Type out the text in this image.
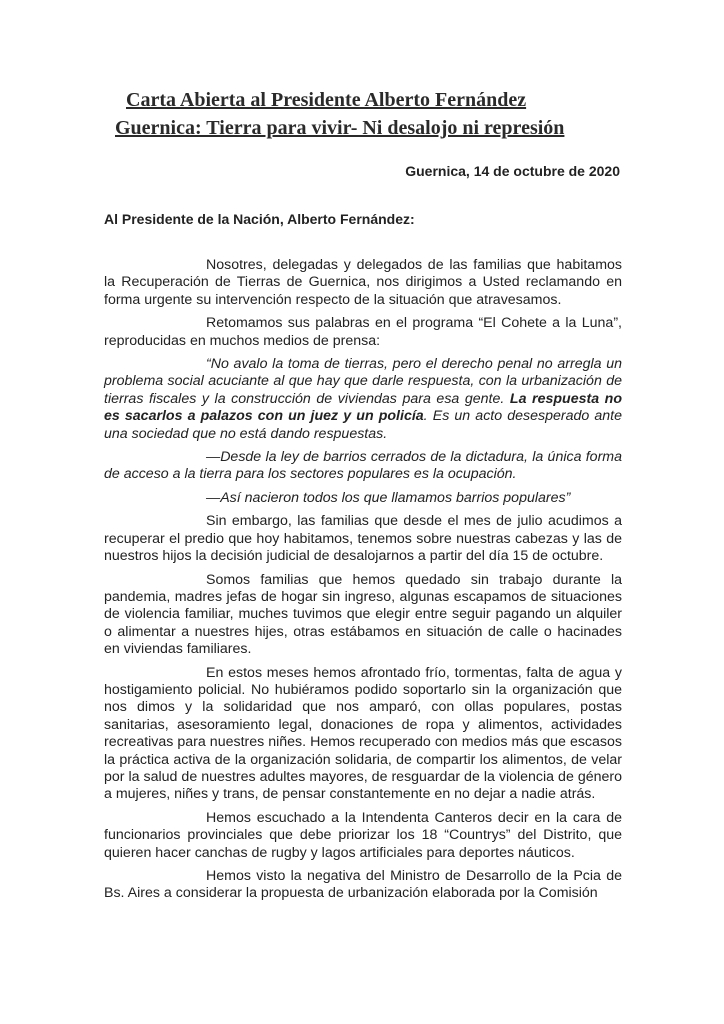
Carta Abierta al Presidente Alberto Fernández
Guernica: Tierra para vivir- Ni desalojo ni represión
Guernica, 14 de octubre de 2020
Al Presidente de la Nación, Alberto Fernández:

Nosotres, delegadas y delegados de las familias que habitamos la Recuperación de Tierras de Guernica, nos dirigimos a Usted reclamando en forma urgente su intervención respecto de la situación que atravesamos.

Retomamos sus palabras en el programa “El Cohete a la Luna”, reproducidas en muchos medios de prensa:

“No avalo la toma de tierras, pero el derecho penal no arregla un problema social acuciante al que hay que darle respuesta, con la urbanización de tierras fiscales y la construcción de viviendas para esa gente. La respuesta no es sacarlos a palazos con un juez y un policía. Es un acto desesperado ante una sociedad que no está dando respuestas.

—Desde la ley de barrios cerrados de la dictadura, la única forma de acceso a la tierra para los sectores populares es la ocupación.

—Así nacieron todos los que llamamos barrios populares”

Sin embargo, las familias que desde el mes de julio acudimos a recuperar el predio que hoy habitamos, tenemos sobre nuestras cabezas y las de nuestros hijos la decisión judicial de desalojarnos a partir del día 15 de octubre.

Somos familias que hemos quedado sin trabajo durante la pandemia, madres jefas de hogar sin ingreso, algunas escapamos de situaciones de violencia familiar, muches tuvimos que elegir entre seguir pagando un alquiler o alimentar a nuestres hijes, otras estábamos en situación de calle o hacinades en viviendas familiares.

En estos meses hemos afrontado frío, tormentas, falta de agua y hostigamiento policial. No hubiéramos podido soportarlo sin la organización que nos dimos y la solidaridad que nos amparó, con ollas populares, postas sanitarias, asesoramiento legal, donaciones de ropa y alimentos, actividades recreativas para nuestres niñes. Hemos recuperado con medios más que escasos la práctica activa de la organización solidaria, de compartir los alimentos, de velar por la salud de nuestres adultes mayores, de resguardar de la violencia de género a mujeres, niñes y trans, de pensar constantemente en no dejar a nadie atrás.

Hemos escuchado a la Intendenta Canteros decir en la cara de funcionarios provinciales que debe priorizar los 18 “Countrys” del Distrito, que quieren hacer canchas de rugby y lagos artificiales para deportes náuticos.

Hemos visto la negativa del Ministro de Desarrollo de la Pcia de Bs. Aires a considerar la propuesta de urbanización elaborada por la Comisión
